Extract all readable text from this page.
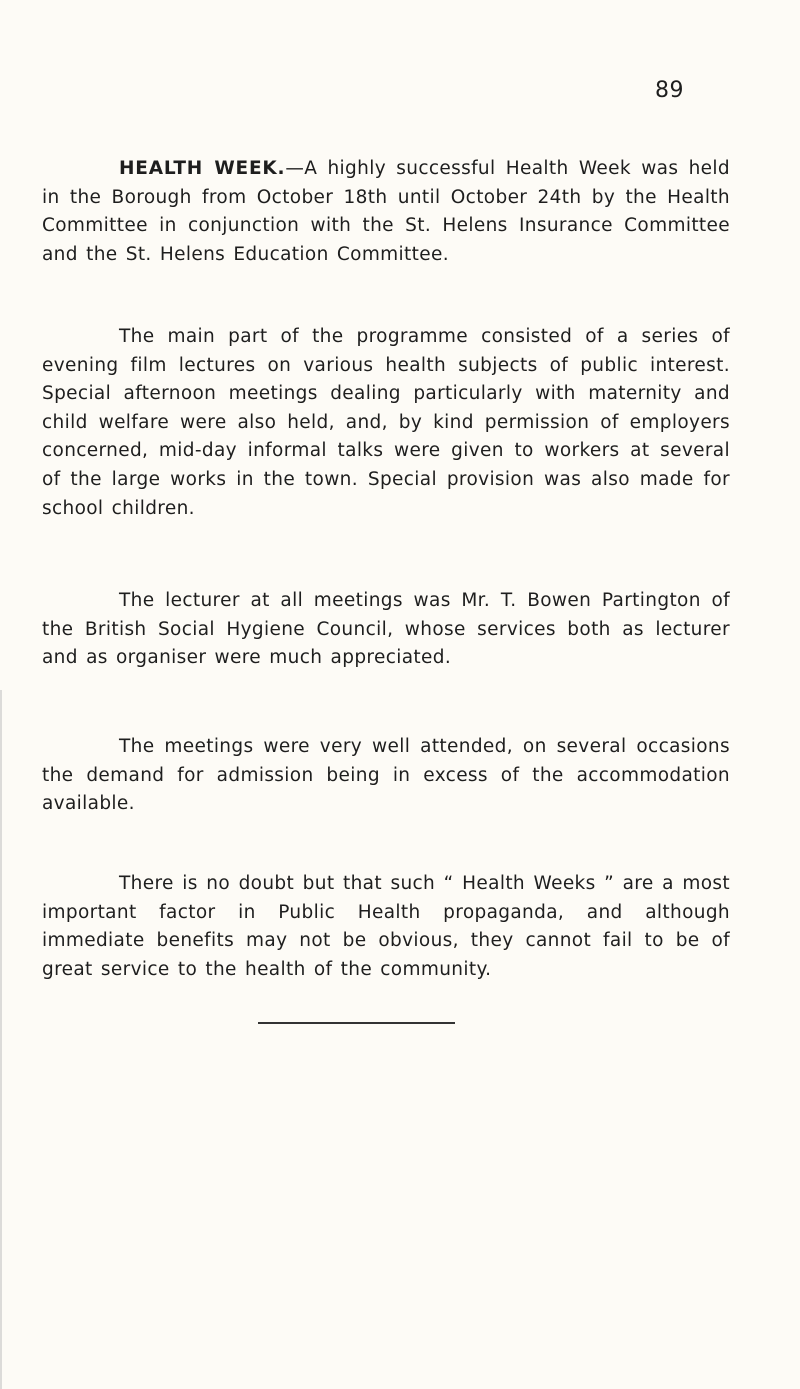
89

HEALTH WEEK.—A highly successful Health Week was held in the Borough from October 18th until October 24th by the Health Committee in conjunction with the St. Helens Insurance Committee and the St. Helens Education Committee.

The main part of the programme consisted of a series of evening film lectures on various health subjects of public interest. Special afternoon meetings dealing particularly with maternity and child welfare were also held, and, by kind permission of employers concerned, mid-day informal talks were given to workers at several of the large works in the town. Special provision was also made for school children.

The lecturer at all meetings was Mr. T. Bowen Partington of the British Social Hygiene Council, whose services both as lecturer and as organiser were much appreciated.

The meetings were very well attended, on several occasions the demand for admission being in excess of the accommodation available.

There is no doubt but that such “ Health Weeks ” are a most important factor in Public Health propaganda, and although immediate benefits may not be obvious, they cannot fail to be of great service to the health of the community.
